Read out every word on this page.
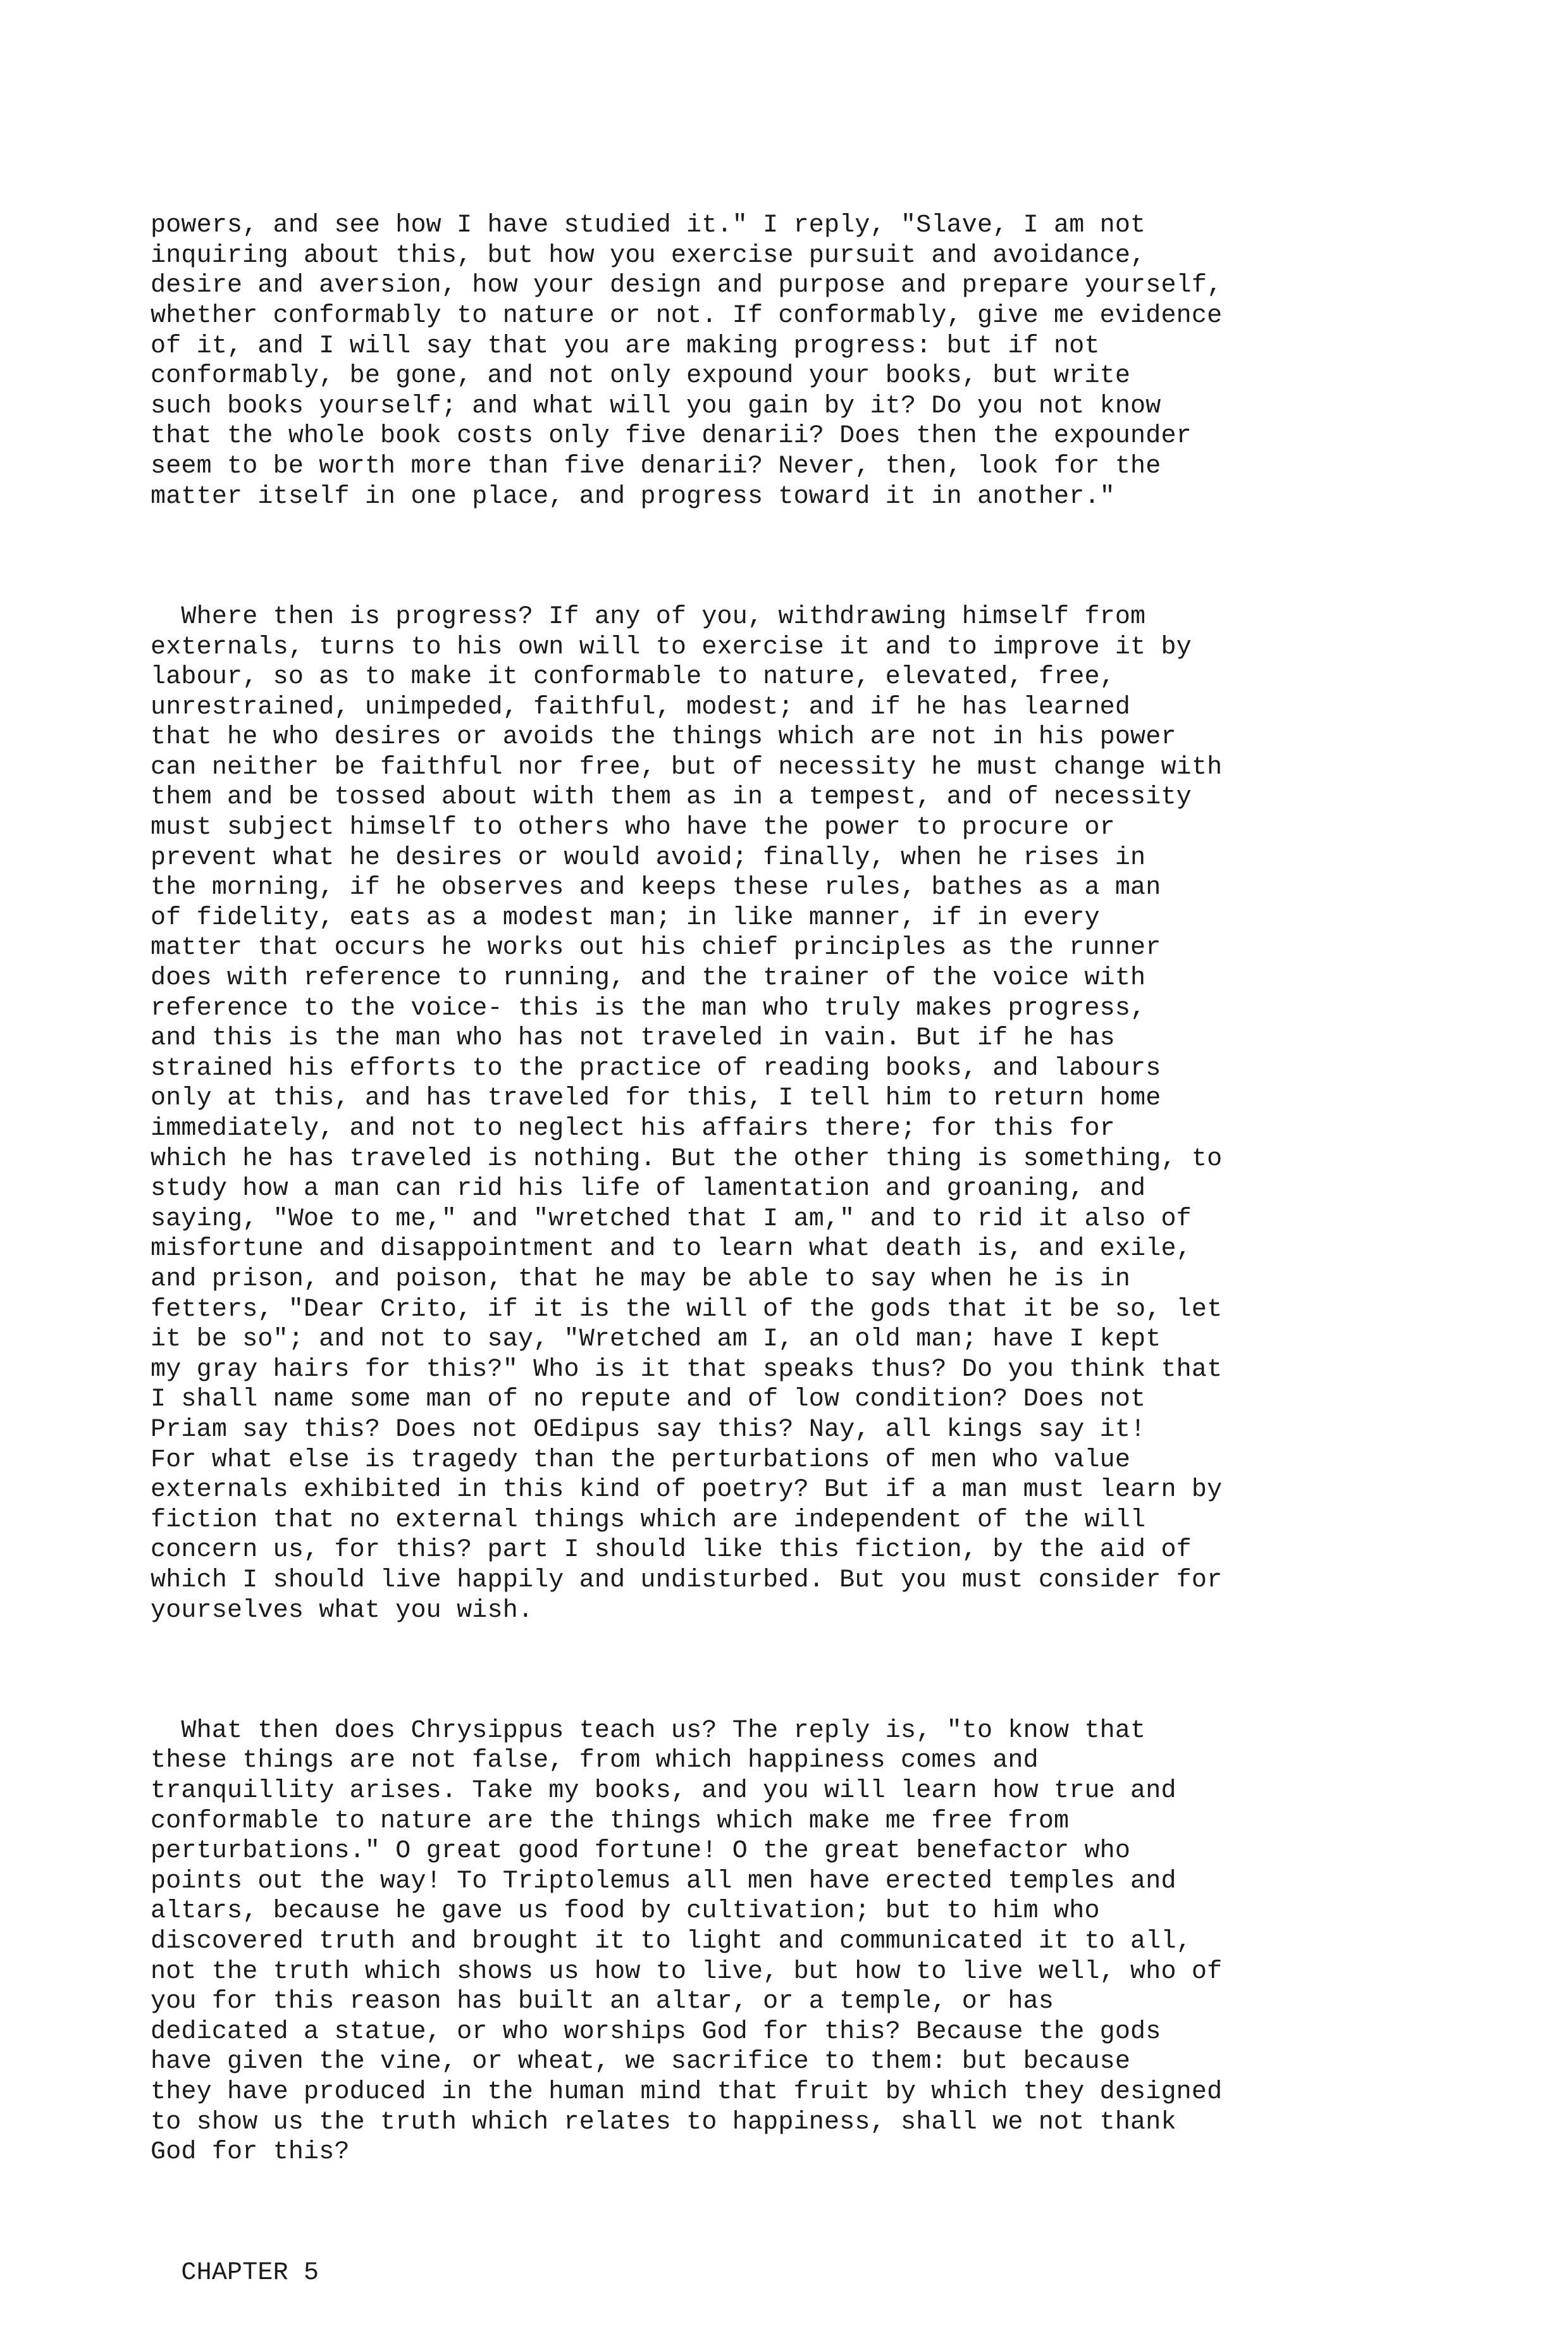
powers, and see how I have studied it." I reply, "Slave, I am not
inquiring about this, but how you exercise pursuit and avoidance,
desire and aversion, how your design and purpose and prepare yourself,
whether conformably to nature or not. If conformably, give me evidence
of it, and I will say that you are making progress: but if not
conformably, be gone, and not only expound your books, but write
such books yourself; and what will you gain by it? Do you not know
that the whole book costs only five denarii? Does then the expounder
seem to be worth more than five denarii? Never, then, look for the
matter itself in one place, and progress toward it in another."

Where then is progress? If any of you, withdrawing himself from
externals, turns to his own will to exercise it and to improve it by
labour, so as to make it conformable to nature, elevated, free,
unrestrained, unimpeded, faithful, modest; and if he has learned
that he who desires or avoids the things which are not in his power
can neither be faithful nor free, but of necessity he must change with
them and be tossed about with them as in a tempest, and of necessity
must subject himself to others who have the power to procure or
prevent what he desires or would avoid; finally, when he rises in
the morning, if he observes and keeps these rules, bathes as a man
of fidelity, eats as a modest man; in like manner, if in every
matter that occurs he works out his chief principles as the runner
does with reference to running, and the trainer of the voice with
reference to the voice- this is the man who truly makes progress,
and this is the man who has not traveled in vain. But if he has
strained his efforts to the practice of reading books, and labours
only at this, and has traveled for this, I tell him to return home
immediately, and not to neglect his affairs there; for this for
which he has traveled is nothing. But the other thing is something, to
study how a man can rid his life of lamentation and groaning, and
saying, "Woe to me," and "wretched that I am," and to rid it also of
misfortune and disappointment and to learn what death is, and exile,
and prison, and poison, that he may be able to say when he is in
fetters, "Dear Crito, if it is the will of the gods that it be so, let
it be so"; and not to say, "Wretched am I, an old man; have I kept
my gray hairs for this?" Who is it that speaks thus? Do you think that
I shall name some man of no repute and of low condition? Does not
Priam say this? Does not OEdipus say this? Nay, all kings say it!
For what else is tragedy than the perturbations of men who value
externals exhibited in this kind of poetry? But if a man must learn by
fiction that no external things which are independent of the will
concern us, for this? part I should like this fiction, by the aid of
which I should live happily and undisturbed. But you must consider for
yourselves what you wish.

What then does Chrysippus teach us? The reply is, "to know that
these things are not false, from which happiness comes and
tranquillity arises. Take my books, and you will learn how true and
conformable to nature are the things which make me free from
perturbations." O great good fortune! O the great benefactor who
points out the way! To Triptolemus all men have erected temples and
altars, because he gave us food by cultivation; but to him who
discovered truth and brought it to light and communicated it to all,
not the truth which shows us how to live, but how to live well, who of
you for this reason has built an altar, or a temple, or has
dedicated a statue, or who worships God for this? Because the gods
have given the vine, or wheat, we sacrifice to them: but because
they have produced in the human mind that fruit by which they designed
to show us the truth which relates to happiness, shall we not thank
God for this?

CHAPTER 5
